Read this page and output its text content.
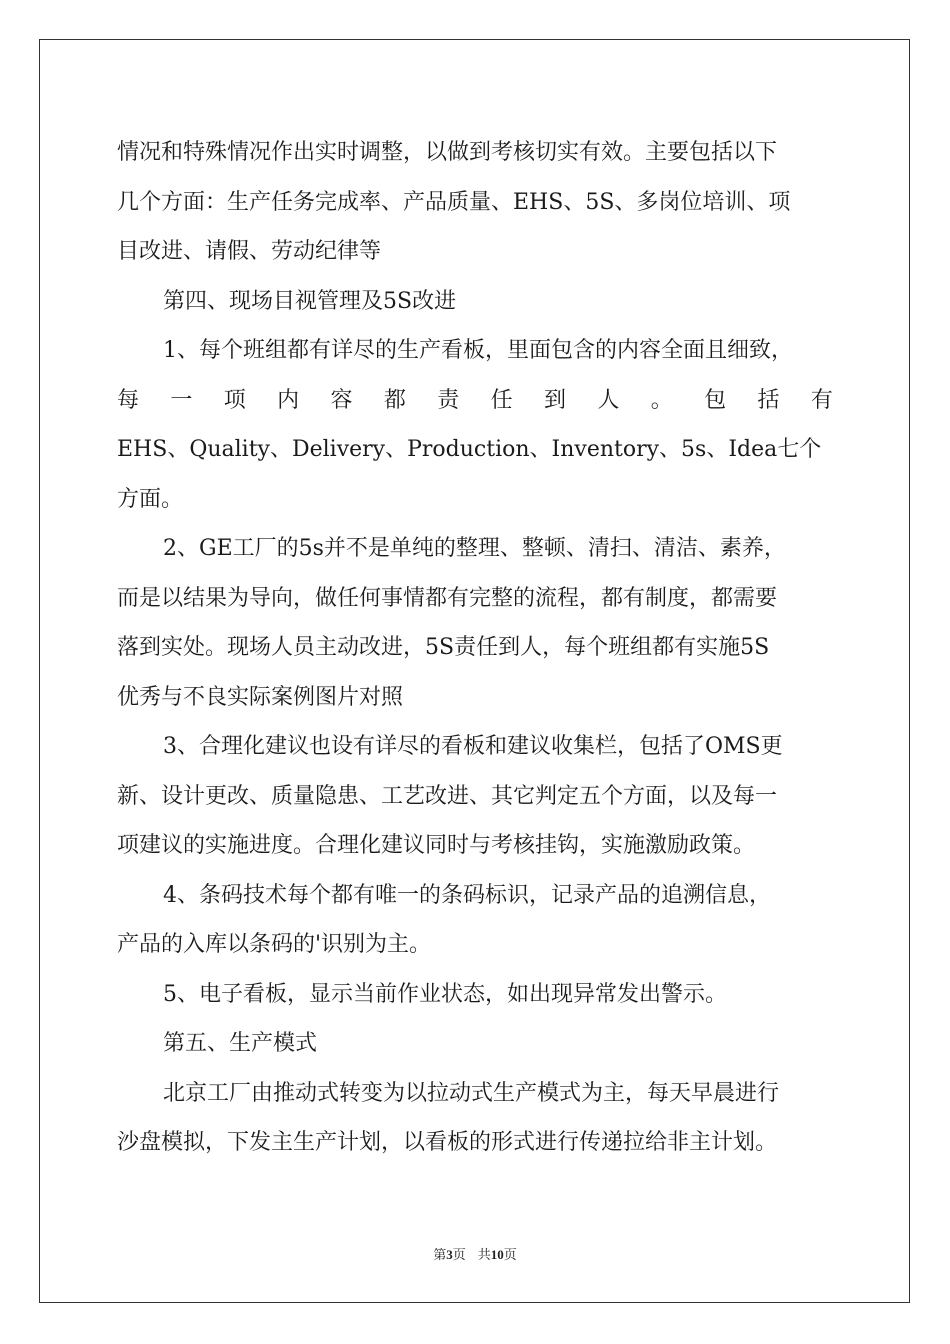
情况和特殊情况作出实时调整，以做到考核切实有效。主要包括以下
几个方面：生产任务完成率、产品质量、EHS、5S、多岗位培训、项
目改进、请假、劳动纪律等
第四、现场目视管理及5S改进
1、每个班组都有详尽的生产看板，里面包含的内容全面且细致，
每 一 项 内 容 都 责 任 到 人 。 包 括 有
EHS、Quality、Delivery、Production、Inventory、5s、Idea七个
方面。
2、GE工厂的5s并不是单纯的整理、整顿、清扫、清洁、素养，
而是以结果为导向，做任何事情都有完整的流程，都有制度，都需要
落到实处。现场人员主动改进，5S责任到人，每个班组都有实施5S
优秀与不良实际案例图片对照
3、合理化建议也设有详尽的看板和建议收集栏，包括了OMS更
新、设计更改、质量隐患、工艺改进、其它判定五个方面，以及每一
项建议的实施进度。合理化建议同时与考核挂钩，实施激励政策。
4、条码技术每个都有唯一的条码标识，记录产品的追溯信息，
产品的入库以条码的'识别为主。
5、电子看板，显示当前作业状态，如出现异常发出警示。
第五、生产模式
北京工厂由推动式转变为以拉动式生产模式为主，每天早晨进行
沙盘模拟，下发主生产计划，以看板的形式进行传递拉给非主计划。
第3页 共10页
